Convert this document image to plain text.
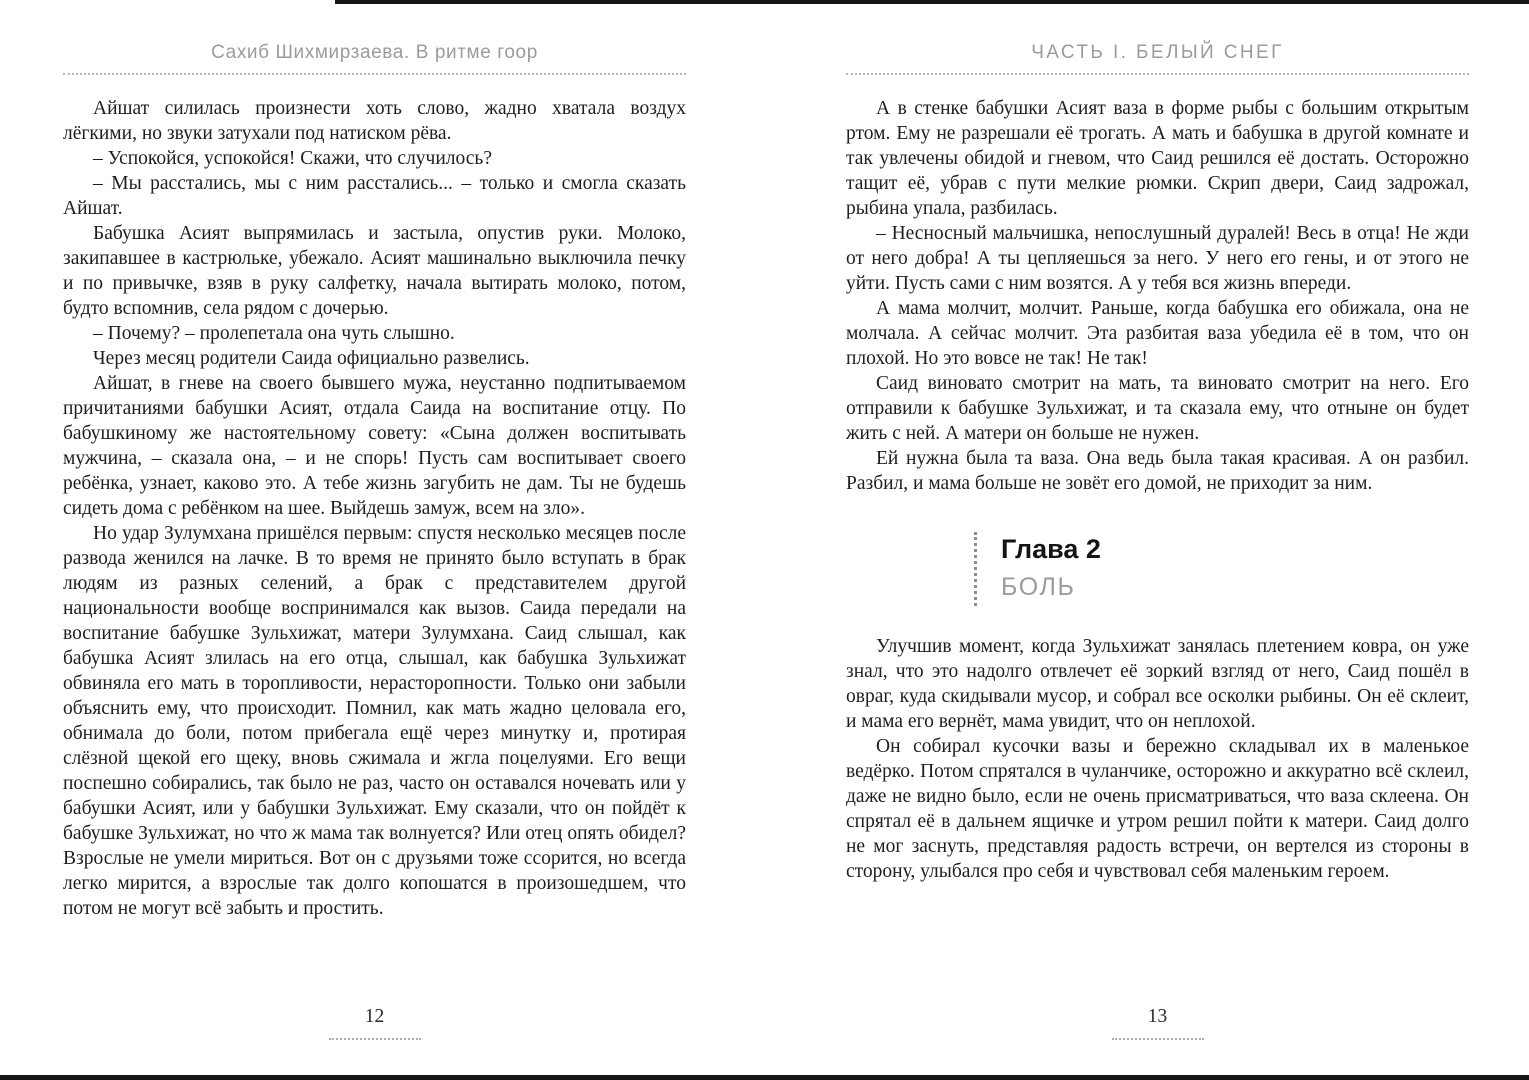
Сахиб Шихмирзаева. В ритме гоор

Айшат силилась произнести хоть слово, жадно хватала воздух лёгкими, но звуки затухали под натиском рёва.

– Успокойся, успокойся! Скажи, что случилось?

– Мы расстались, мы с ним расстались... – только и смогла сказать Айшат.

Бабушка Асият выпрямилась и застыла, опустив руки. Молоко, закипавшее в кастрюльке, убежало. Асият машинально выключила печку и по привычке, взяв в руку салфетку, начала вытирать молоко, потом, будто вспомнив, села рядом с дочерью.

– Почему? – пролепетала она чуть слышно.

Через месяц родители Саида официально развелись.

Айшат, в гневе на своего бывшего мужа, неустанно подпитываемом причитаниями бабушки Асият, отдала Саида на воспитание отцу. По бабушкиному же настоятельному совету: «Сына должен воспитывать мужчина, – сказала она, – и не спорь! Пусть сам воспитывает своего ребёнка, узнает, каково это. А тебе жизнь загубить не дам. Ты не будешь сидеть дома с ребёнком на шее. Выйдешь замуж, всем на зло».

Но удар Зулумхана пришёлся первым: спустя несколько месяцев после развода женился на лачке. В то время не принято было вступать в брак людям из разных селений, а брак с представителем другой национальности вообще воспринимался как вызов. Саида передали на воспитание бабушке Зульхижат, матери Зулумхана. Саид слышал, как бабушка Асият злилась на его отца, слышал, как бабушка Зульхижат обвиняла его мать в торопливости, нерасторопности. Только они забыли объяснить ему, что происходит. Помнил, как мать жадно целовала его, обнимала до боли, потом прибегала ещё через минутку и, протирая слёзной щекой его щеку, вновь сжимала и жгла поцелуями. Его вещи поспешно собирались, так было не раз, часто он оставался ночевать или у бабушки Асият, или у бабушки Зульхижат. Ему сказали, что он пойдёт к бабушке Зульхижат, но что ж мама так волнуется? Или отец опять обидел? Взрослые не умели мириться. Вот он с друзьями тоже ссорится, но всегда легко мирится, а взрослые так долго копошатся в произошедшем, что потом не могут всё забыть и простить.

12
ЧАСТЬ I. БЕЛЫЙ СНЕГ

А в стенке бабушки Асият ваза в форме рыбы с большим открытым ртом. Ему не разрешали её трогать. А мать и бабушка в другой комнате и так увлечены обидой и гневом, что Саид решился её достать. Осторожно тащит её, убрав с пути мелкие рюмки. Скрип двери, Саид задрожал, рыбина упала, разбилась.

– Несносный мальчишка, непослушный дуралей! Весь в отца! Не жди от него добра! А ты цепляешься за него. У него его гены, и от этого не уйти. Пусть сами с ним возятся. А у тебя вся жизнь впереди.

А мама молчит, молчит. Раньше, когда бабушка его обижала, она не молчала. А сейчас молчит. Эта разбитая ваза убедила её в том, что он плохой. Но это вовсе не так! Не так!

Саид виновато смотрит на мать, та виновато смотрит на него. Его отправили к бабушке Зульхижат, и та сказала ему, что отныне он будет жить с ней. А матери он больше не нужен.

Ей нужна была та ваза. Она ведь была такая красивая. А он разбил. Разбил, и мама больше не зовёт его домой, не приходит за ним.

Глава 2
БОЛЬ

Улучшив момент, когда Зульхижат занялась плетением ковра, он уже знал, что это надолго отвлечет её зоркий взгляд от него, Саид пошёл в овраг, куда скидывали мусор, и собрал все осколки рыбины. Он её склеит, и мама его вернёт, мама увидит, что он неплохой.

Он собирал кусочки вазы и бережно складывал их в маленькое ведёрко. Потом спрятался в чуланчике, осторожно и аккуратно всё склеил, даже не видно было, если не очень присматриваться, что ваза склеена. Он спрятал её в дальнем ящичке и утром решил пойти к матери. Саид долго не мог заснуть, представляя радость встречи, он вертелся из стороны в сторону, улыбался про себя и чувствовал себя маленьким героем.

13
